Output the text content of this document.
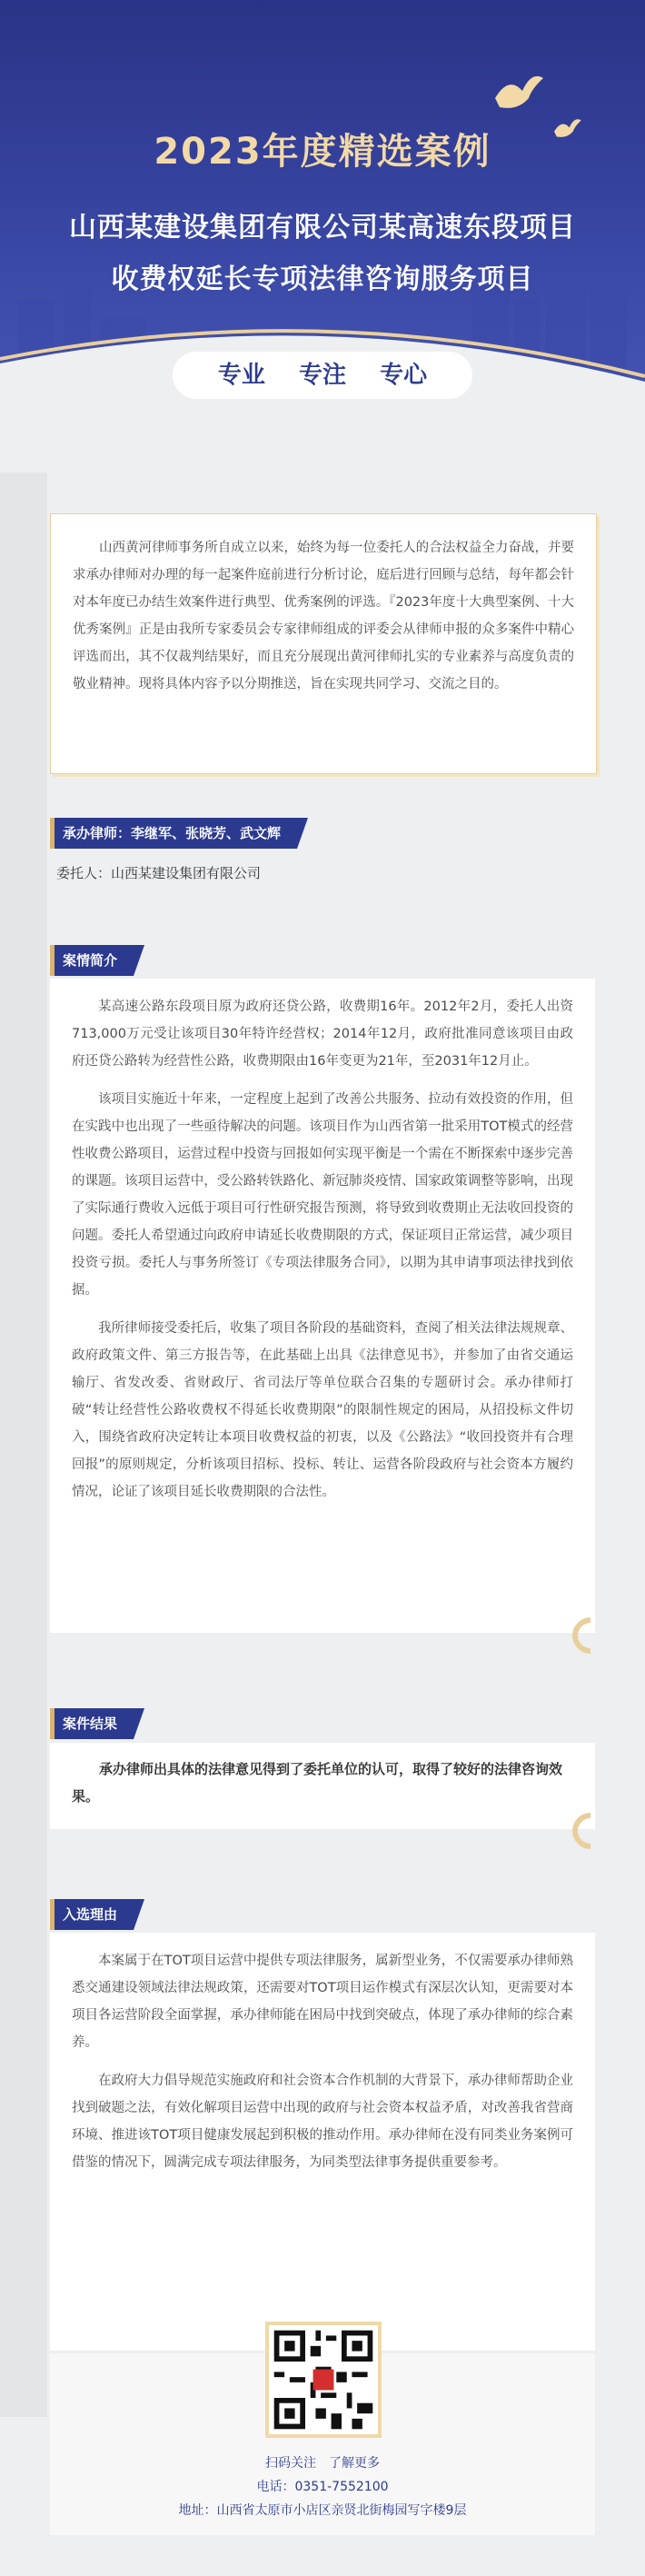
2023年度精选案例
山西某建设集团有限公司某高速东段项目
收费权延长专项法律咨询服务项目
专业 专注 专心

山西黄河律师事务所自成立以来，始终为每一位委托人的合法权益全力奋战，并要求承办律师对办理的每一起案件庭前进行分析讨论，庭后进行回顾与总结，每年都会针对本年度已办结生效案件进行典型、优秀案例的评选。『2023年度十大典型案例、十大优秀案例』正是由我所专家委员会专家律师组成的评委会从律师申报的众多案件中精心评选而出，其不仅裁判结果好，而且充分展现出黄河律师扎实的专业素养与高度负责的敬业精神。现将具体内容予以分期推送，旨在实现共同学习、交流之目的。

承办律师：李继军、张晓芳、武文辉
委托人：山西某建设集团有限公司
案情简介

某高速公路东段项目原为政府还贷公路，收费期16年。2012年2月，委托人出资713,000万元受让该项目30年特许经营权；2014年12月，政府批准同意该项目由政府还贷公路转为经营性公路，收费期限由16年变更为21年，至2031年12月止。

该项目实施近十年来，一定程度上起到了改善公共服务、拉动有效投资的作用，但在实践中也出现了一些亟待解决的问题。该项目作为山西省第一批采用TOT模式的经营性收费公路项目，运营过程中投资与回报如何实现平衡是一个需在不断探索中逐步完善的课题。该项目运营中，受公路转铁路化、新冠肺炎疫情、国家政策调整等影响，出现了实际通行费收入远低于项目可行性研究报告预测，将导致到收费期止无法收回投资的问题。委托人希望通过向政府申请延长收费期限的方式，保证项目正常运营，减少项目投资亏损。委托人与事务所签订《专项法律服务合同》，以期为其申请事项法律找到依据。

我所律师接受委托后，收集了项目各阶段的基础资料，查阅了相关法律法规规章、政府政策文件、第三方报告等，在此基础上出具《法律意见书》，并参加了由省交通运输厅、省发改委、省财政厅、省司法厅等单位联合召集的专题研讨会。承办律师打破“转让经营性公路收费权不得延长收费期限”的限制性规定的困局，从招投标文件切入，围绕省政府决定转让本项目收费权益的初衷，以及《公路法》“收回投资并有合理回报”的原则规定，分析该项目招标、投标、转让、运营各阶段政府与社会资本方履约情况，论证了该项目延长收费期限的合法性。

案件结果

承办律师出具体的法律意见得到了委托单位的认可，取得了较好的法律咨询效果。

入选理由

本案属于在TOT项目运营中提供专项法律服务，属新型业务，不仅需要承办律师熟悉交通建设领域法律法规政策，还需要对TOT项目运作模式有深层次认知，更需要对本项目各运营阶段全面掌握，承办律师能在困局中找到突破点，体现了承办律师的综合素养。

在政府大力倡导规范实施政府和社会资本合作机制的大背景下，承办律师帮助企业找到破题之法，有效化解项目运营中出现的政府与社会资本权益矛盾，对改善我省营商环境、推进该TOT项目健康发展起到积极的推动作用。承办律师在没有同类业务案例可借鉴的情况下，圆满完成专项法律服务，为同类型法律事务提供重要参考。

扫码关注　了解更多
电话：0351-7552100
地址：山西省太原市小店区亲贤北街梅园写字楼9层
